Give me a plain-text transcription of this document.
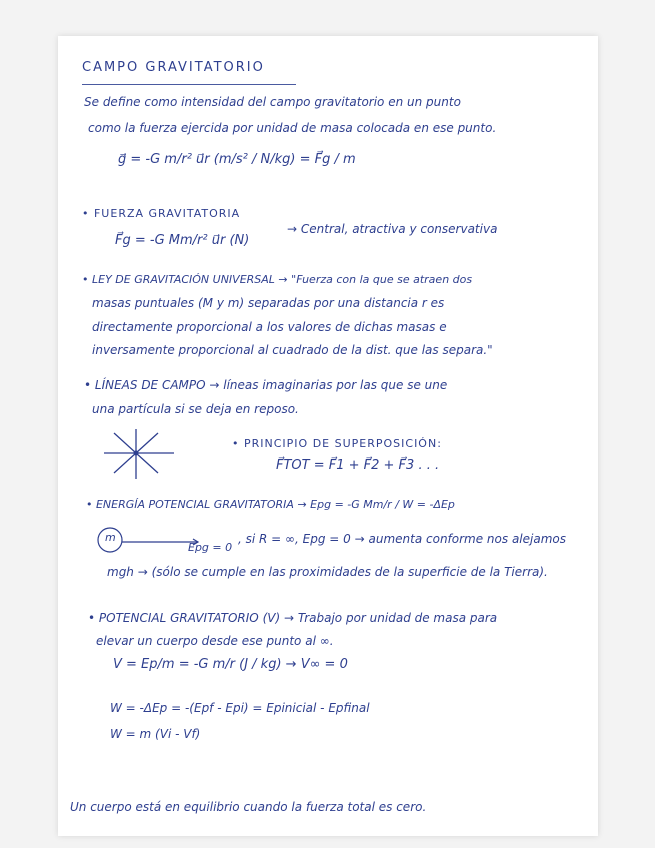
CAMPO GRAVITATORIO
Se define como intensidad del campo gravitatorio en un punto
como la fuerza ejercida por unidad de masa colocada en ese punto.
g⃗ = -G m/r² u⃗r (m/s² / N/kg) = F⃗g / m
• FUERZA GRAVITATORIA
F⃗g = -G Mm/r² u⃗r (N)
→ Central, atractiva y conservativa
• LEY DE GRAVITACIÓN UNIVERSAL → "Fuerza con la que se atraen dos
masas puntuales (M y m) separadas por una distancia r es
directamente proporcional a los valores de dichas masas e
inversamente proporcional al cuadrado de la dist. que las separa."
• LÍNEAS DE CAMPO → líneas imaginarias por las que se une
una partícula si se deja en reposo.
• PRINCIPIO DE SUPERPOSICIÓN:
F⃗TOT = F⃗1 + F⃗2 + F⃗3 . . .
• ENERGÍA POTENCIAL GRAVITATORIA → Epg = -G Mm/r / W = -ΔEp
m
Epg = 0
, si R = ∞, Epg = 0 → aumenta conforme nos alejamos
mgh → (sólo se cumple en las proximidades de la superficie de la Tierra).
• POTENCIAL GRAVITATORIO (V) → Trabajo por unidad de masa para
elevar un cuerpo desde ese punto al ∞.
V = Ep/m = -G m/r (J / kg) → V∞ = 0
W = -ΔEp = -(Epf - Epi) = Epinicial - Epfinal
W = m (Vi - Vf)
Un cuerpo está en equilibrio cuando la fuerza total es cero.
